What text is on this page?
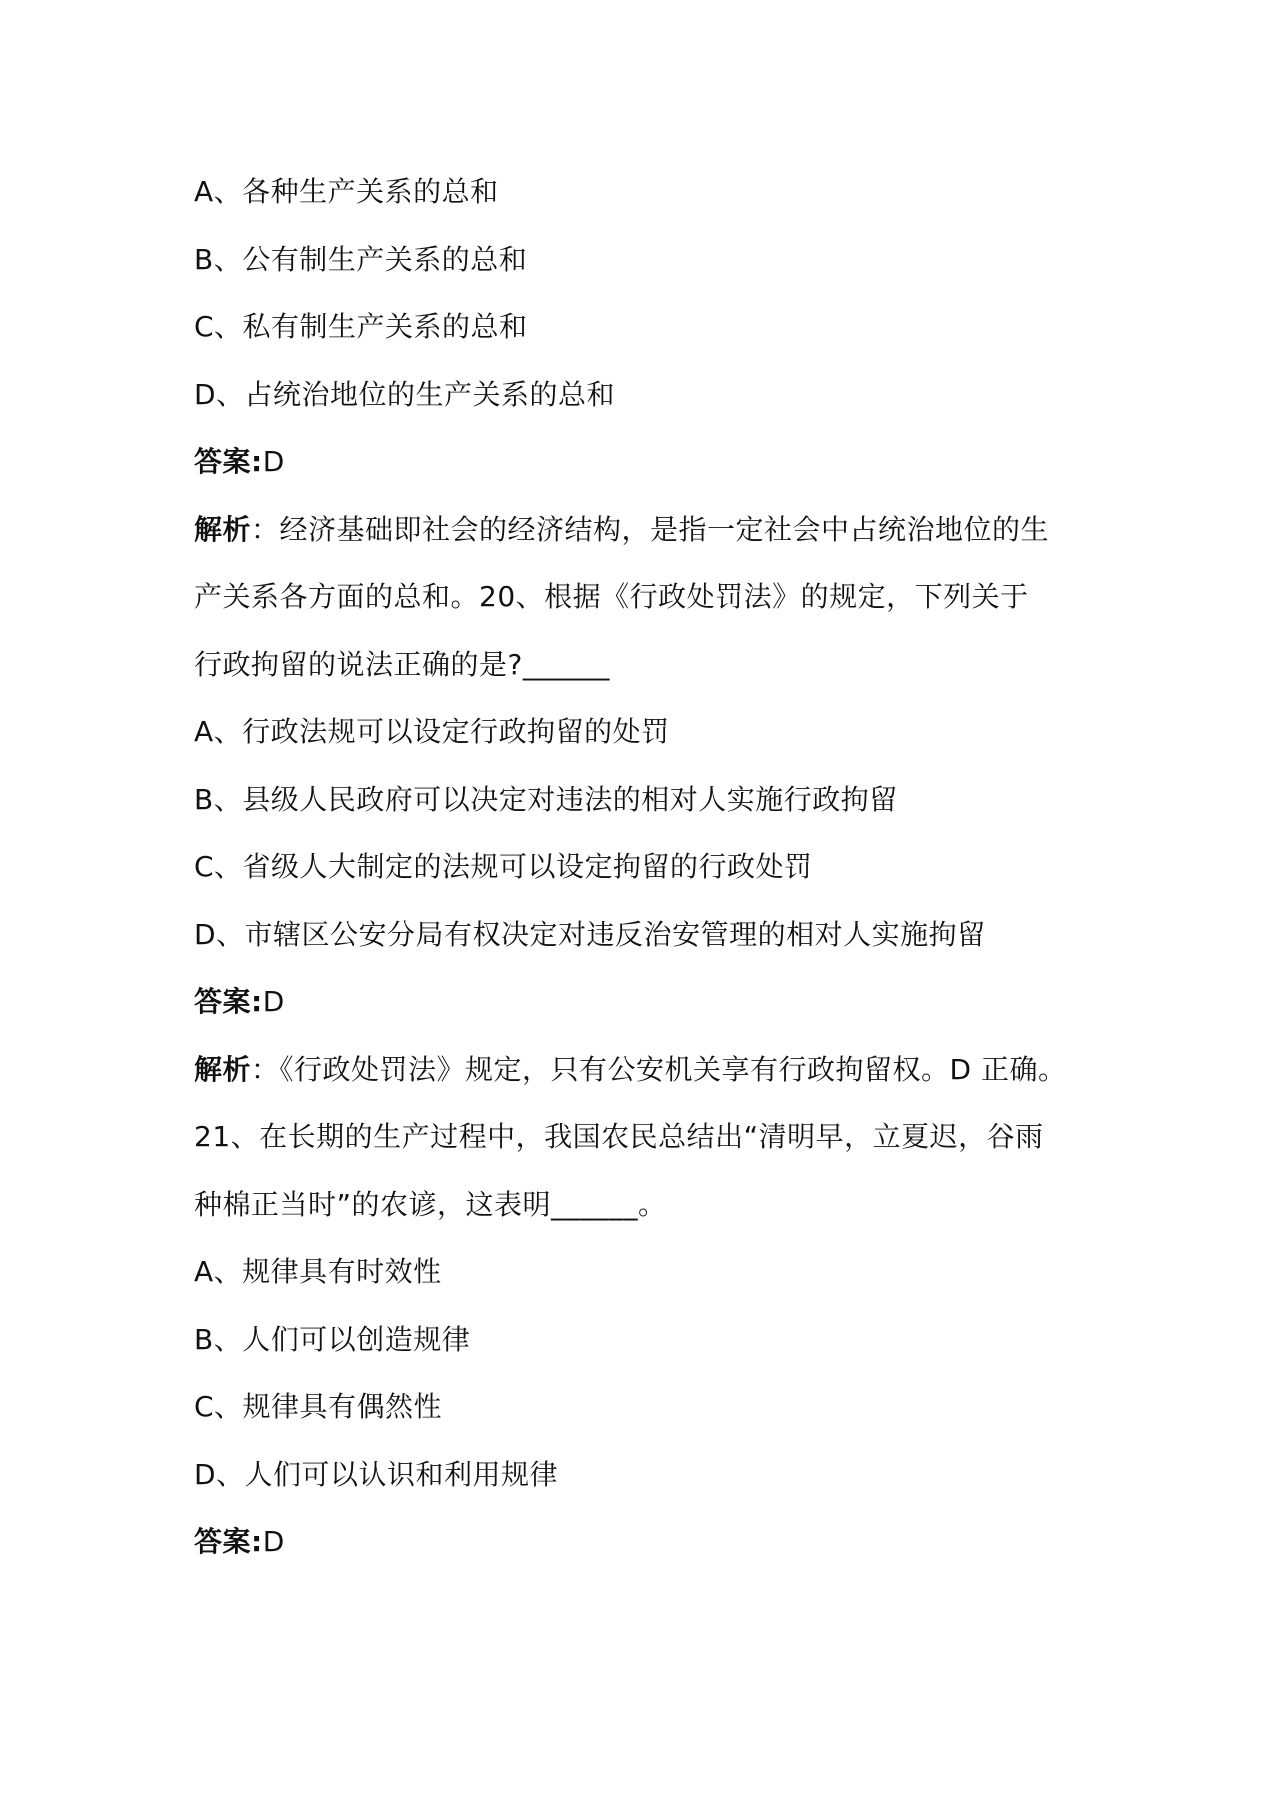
A、各种生产关系的总和
B、公有制生产关系的总和
C、私有制生产关系的总和
D、占统治地位的生产关系的总和
答案:D
解析：经济基础即社会的经济结构，是指一定社会中占统治地位的生
产关系各方面的总和。20、根据《行政处罚法》的规定，下列关于
行政拘留的说法正确的是?______
A、行政法规可以设定行政拘留的处罚
B、县级人民政府可以决定对违法的相对人实施行政拘留
C、省级人大制定的法规可以设定拘留的行政处罚
D、市辖区公安分局有权决定对违反治安管理的相对人实施拘留
答案:D
解析：《行政处罚法》规定，只有公安机关享有行政拘留权。D 正确。
21、在长期的生产过程中，我国农民总结出“清明早，立夏迟，谷雨
种棉正当时”的农谚，这表明______。
A、规律具有时效性
B、人们可以创造规律
C、规律具有偶然性
D、人们可以认识和利用规律
答案:D
